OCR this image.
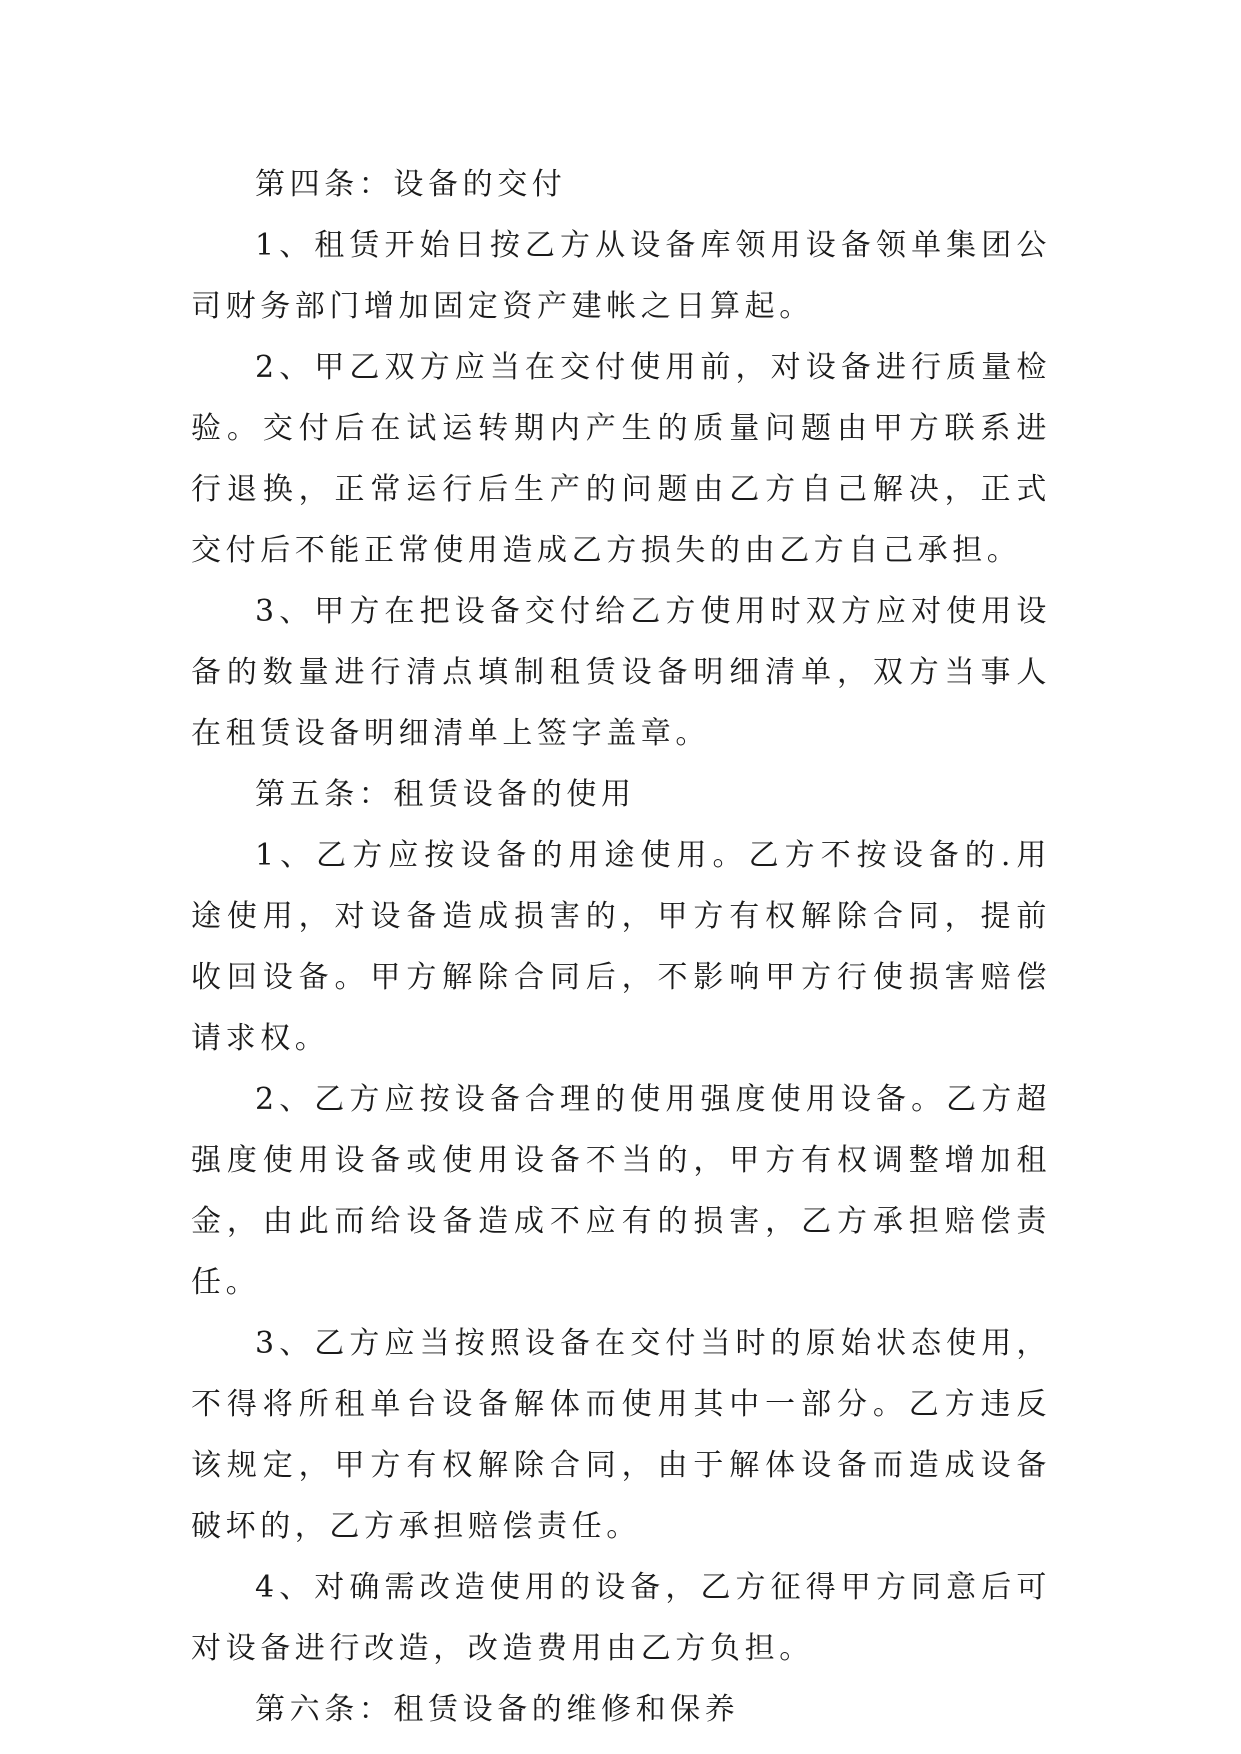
第四条：设备的交付

1、租赁开始日按乙方从设备库领用设备领单集团公司财务部门增加固定资产建帐之日算起。

2、甲乙双方应当在交付使用前，对设备进行质量检验。交付后在试运转期内产生的质量问题由甲方联系进行退换，正常运行后生产的问题由乙方自己解决，正式交付后不能正常使用造成乙方损失的由乙方自己承担。

3、甲方在把设备交付给乙方使用时双方应对使用设备的数量进行清点填制租赁设备明细清单，双方当事人在租赁设备明细清单上签字盖章。

第五条：租赁设备的使用

1、乙方应按设备的用途使用。乙方不按设备的.用途使用，对设备造成损害的，甲方有权解除合同，提前收回设备。甲方解除合同后，不影响甲方行使损害赔偿请求权。

2、乙方应按设备合理的使用强度使用设备。乙方超强度使用设备或使用设备不当的，甲方有权调整增加租金，由此而给设备造成不应有的损害，乙方承担赔偿责任。

3、乙方应当按照设备在交付当时的原始状态使用，不得将所租单台设备解体而使用其中一部分。乙方违反该规定，甲方有权解除合同，由于解体设备而造成设备破坏的，乙方承担赔偿责任。

4、对确需改造使用的设备，乙方征得甲方同意后可对设备进行改造，改造费用由乙方负担。

第六条：租赁设备的维修和保养
